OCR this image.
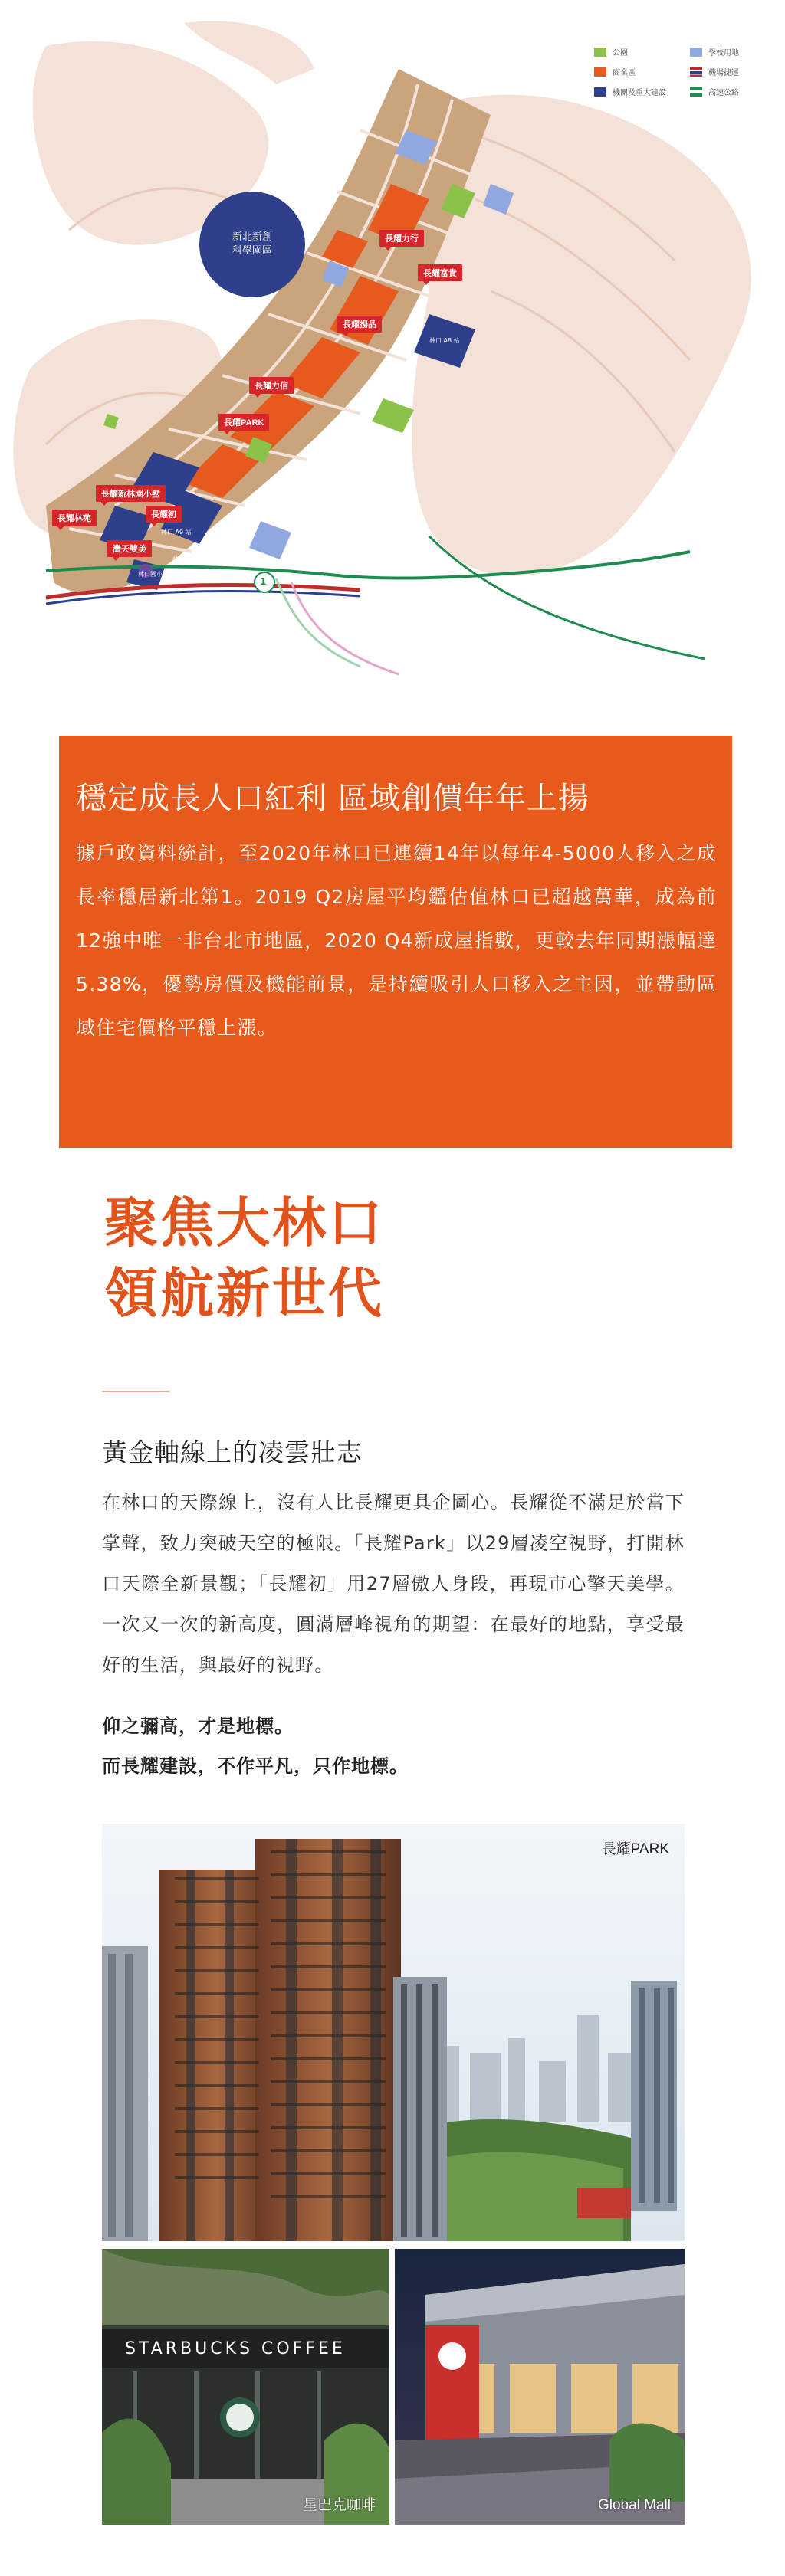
公園	學校用地
商業區	機場捷運
機關及重大建設	高速公路
新北新創
科學園區
長耀力行
長耀富貴
長耀揚晶
長耀力信
長耀PARK
長耀新林園小墅
長耀初
長耀林苑
灣天雙美
林口 A9 站
林口 A8 站
林口國中
林口國小
1
穩定成長人口紅利 區域創價年年上揚

據戶政資料統計，至2020年林口已連續14年以每年4-5000人移入之成長率穩居新北第1。2019 Q2房屋平均鑑估值林口已超越萬華，成為前12強中唯一非台北市地區，2020 Q4新成屋指數，更較去年同期漲幅達5.38%，優勢房價及機能前景，是持續吸引人口移入之主因，並帶動區域住宅價格平穩上漲。

聚焦大林口
領航新世代
黃金軸線上的凌雲壯志
在林口的天際線上，沒有人比長耀更具企圖心。長耀從不滿足於當下掌聲，致力突破天空的極限。「長耀Park」以29層凌空視野，打開林口天際全新景觀；「長耀初」用27層傲人身段，再現市心擎天美學。一次又一次的新高度，圓滿層峰視角的期望：在最好的地點，享受最好的生活，與最好的視野。
仰之彌高，才是地標。
而長耀建設，不作平凡，只作地標。
長耀PARK
STARBUCKS COFFEE
星巴克咖啡	Global Mall
